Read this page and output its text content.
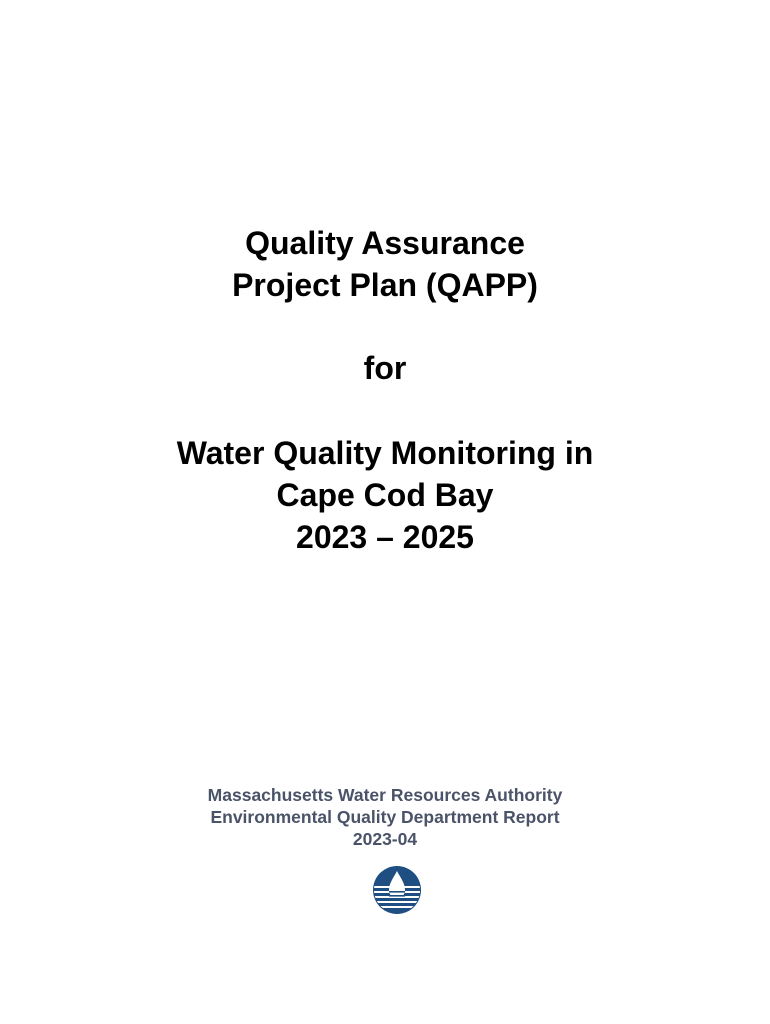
Quality Assurance
Project Plan (QAPP)
for
Water Quality Monitoring in
Cape Cod Bay
2023 – 2025
Massachusetts Water Resources Authority
Environmental Quality Department Report
2023-04
